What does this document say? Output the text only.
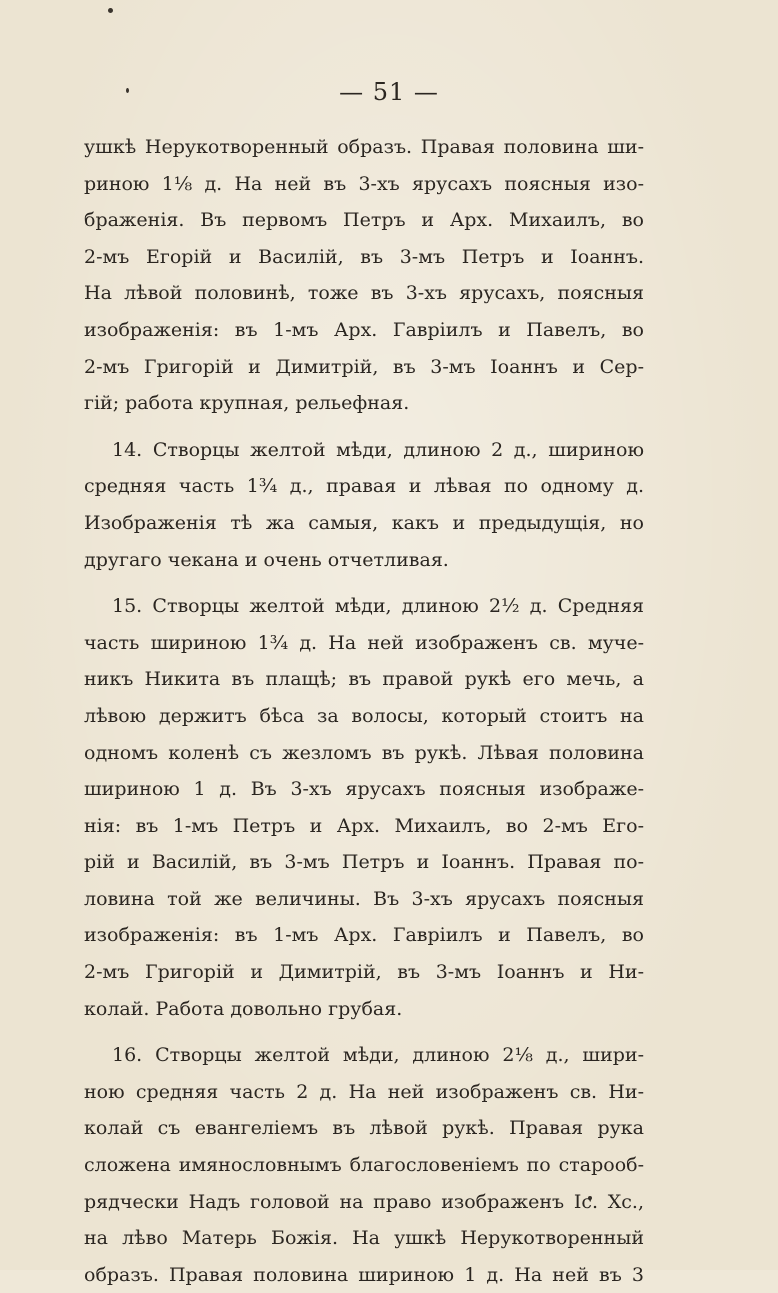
— 51 —

ушкѣ Нерукотворенный образъ. Правая половина ши-
риною 1⅛ д. На ней въ 3-хъ ярусахъ поясныя изо-
браженія. Въ первомъ Петръ и Арх. Михаилъ, во
2-мъ Егорій и Василій, въ 3-мъ Петръ и Іоаннъ.
На лѣвой половинѣ, тоже въ 3-хъ ярусахъ, поясныя
изображенія: въ 1-мъ Арх. Гавріилъ и Павелъ, во
2-мъ Григорій и Димитрій, въ 3-мъ Іоаннъ и Сер-
гій; работа крупная, рельефная.

14. Створцы желтой мѣди, длиною 2 д., шириною
средняя часть 1¾ д., правая и лѣвая по одному д.
Изображенія тѣ жа самыя, какъ и предыдущія, но
другаго чекана и очень отчетливая.

15. Створцы желтой мѣди, длиною 2½ д. Средняя
часть шириною 1¾ д. На ней изображенъ св. муче-
никъ Никита въ плащѣ; въ правой рукѣ его мечь, а
лѣвою держитъ бѣса за волосы, который стоитъ на
одномъ коленѣ съ жезломъ въ рукѣ. Лѣвая половина
шириною 1 д. Въ 3-хъ ярусахъ поясныя изображе-
нія: въ 1-мъ Петръ и Арх. Михаилъ, во 2-мъ Его-
рій и Василій, въ 3-мъ Петръ и Іоаннъ. Правая по-
ловина той же величины. Въ 3-хъ ярусахъ поясныя
изображенія: въ 1-мъ Арх. Гавріилъ и Павелъ, во
2-мъ Григорій и Димитрій, въ 3-мъ Іоаннъ и Ни-
колай. Работа довольно грубая.

16. Створцы желтой мѣди, длиною 2⅛ д., шири-
ною средняя часть 2 д. На ней изображенъ св. Ни-
колай съ евангеліемъ въ лѣвой рукѣ. Правая рука
сложена имянословнымъ благословеніемъ по старооб-
рядчески Надъ головой на право изображенъ Іс. Хс.,
на лѣво Матерь Божія. На ушкѣ Нерукотворенный
образъ. Правая половина шириною 1 д. На ней въ 3
